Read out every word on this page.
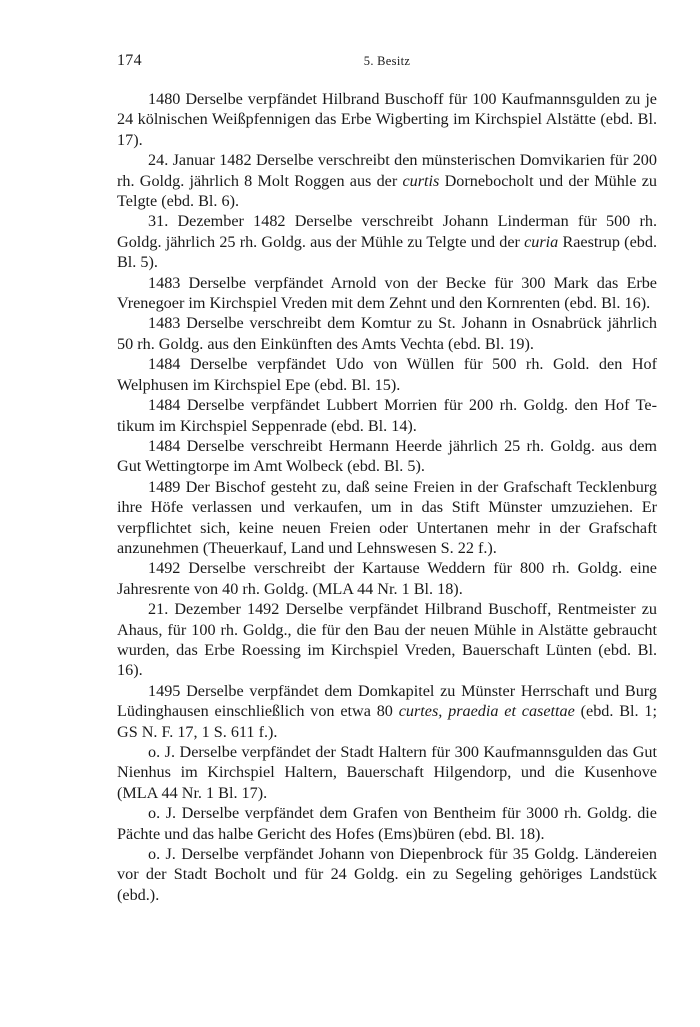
174	5. Besitz

1480 Derselbe verpfändet Hilbrand Buschoff für 100 Kaufmannsgulden zu je 24 kölnischen Weißpfennigen das Erbe Wigberting im Kirchspiel Alstätte (ebd. Bl. 17).

24. Januar 1482 Derselbe verschreibt den münsterischen Domvikarien für 200 rh. Goldg. jährlich 8 Molt Roggen aus der curtis Dornebocholt und der Mühle zu Telgte (ebd. Bl. 6).

31. Dezember 1482 Derselbe verschreibt Johann Linderman für 500 rh. Goldg. jährlich 25 rh. Goldg. aus der Mühle zu Telgte und der curia Raestrup (ebd. Bl. 5).

1483 Derselbe verpfändet Arnold von der Becke für 300 Mark das Erbe Vrenegoer im Kirchspiel Vreden mit dem Zehnt und den Kornrenten (ebd. Bl. 16).

1483 Derselbe verschreibt dem Komtur zu St. Johann in Osnabrück jährlich 50 rh. Goldg. aus den Einkünften des Amts Vechta (ebd. Bl. 19).

1484 Derselbe verpfändet Udo von Wüllen für 500 rh. Gold. den Hof Welphusen im Kirchspiel Epe (ebd. Bl. 15).

1484 Derselbe verpfändet Lubbert Morrien für 200 rh. Goldg. den Hof Tetikum im Kirchspiel Seppenrade (ebd. Bl. 14).

1484 Derselbe verschreibt Hermann Heerde jährlich 25 rh. Goldg. aus dem Gut Wettingtorpe im Amt Wolbeck (ebd. Bl. 5).

1489 Der Bischof gesteht zu, daß seine Freien in der Grafschaft Tecklenburg ihre Höfe verlassen und verkaufen, um in das Stift Münster umzuziehen. Er verpflichtet sich, keine neuen Freien oder Untertanen mehr in der Grafschaft anzunehmen (Theuerkauf, Land und Lehnswesen S. 22 f.).

1492 Derselbe verschreibt der Kartause Weddern für 800 rh. Goldg. eine Jahresrente von 40 rh. Goldg. (MLA 44 Nr. 1 Bl. 18).

21. Dezember 1492 Derselbe verpfändet Hilbrand Buschoff, Rentmeister zu Ahaus, für 100 rh. Goldg., die für den Bau der neuen Mühle in Alstätte gebraucht wurden, das Erbe Roessing im Kirchspiel Vreden, Bauerschaft Lünten (ebd. Bl. 16).

1495 Derselbe verpfändet dem Domkapitel zu Münster Herrschaft und Burg Lüdinghausen einschließlich von etwa 80 curtes, praedia et casettae (ebd. Bl. 1; GS N. F. 17, 1 S. 611 f.).

o. J. Derselbe verpfändet der Stadt Haltern für 300 Kaufmannsgulden das Gut Nienhus im Kirchspiel Haltern, Bauerschaft Hilgendorp, und die Kusenhove (MLA 44 Nr. 1 Bl. 17).

o. J. Derselbe verpfändet dem Grafen von Bentheim für 3000 rh. Goldg. die Pächte und das halbe Gericht des Hofes (Ems)büren (ebd. Bl. 18).

o. J. Derselbe verpfändet Johann von Diepenbrock für 35 Goldg. Ländereien vor der Stadt Bocholt und für 24 Goldg. ein zu Segeling gehöriges Landstück (ebd.).
